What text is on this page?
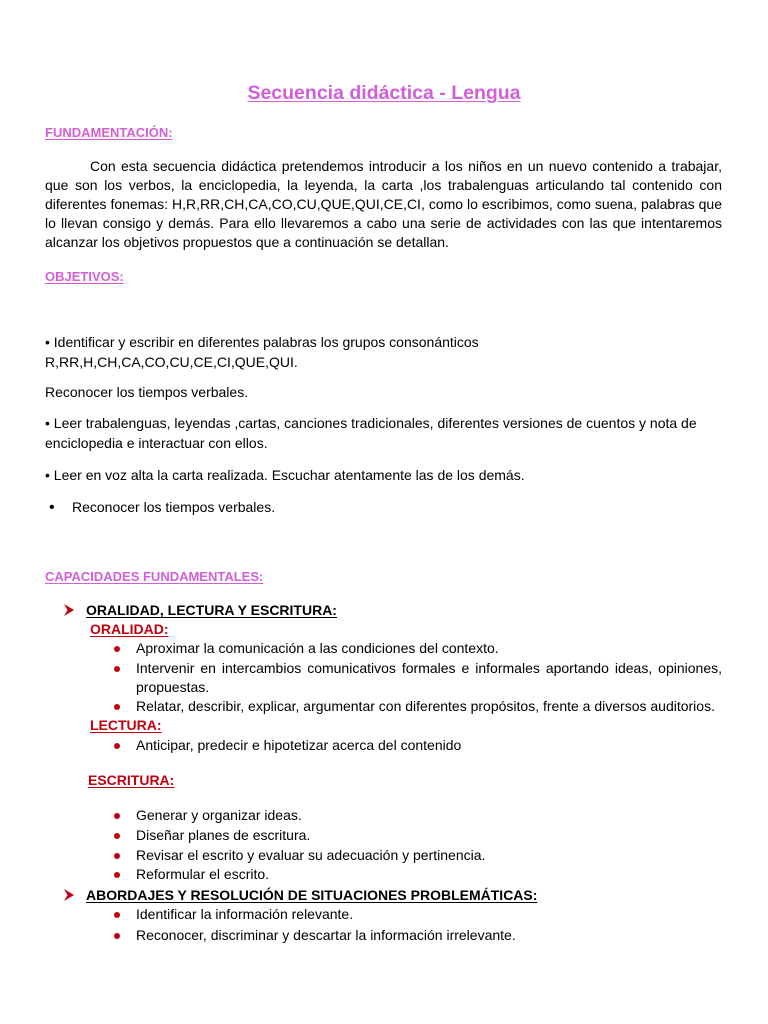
Secuencia didáctica - Lengua
FUNDAMENTACIÓN:

Con esta secuencia didáctica pretendemos introducir a los niños en un nuevo contenido a trabajar, que son los verbos, la enciclopedia, la leyenda, la carta ,los trabalenguas articulando tal contenido con diferentes fonemas: H,R,RR,CH,CA,CO,CU,QUE,QUI,CE,CI, como lo escribimos, como suena, palabras que lo llevan consigo y demás. Para ello llevaremos a cabo una serie de actividades con las que intentaremos alcanzar los objetivos propuestos que a continuación se detallan.

OBJETIVOS:

• Identificar y escribir en diferentes palabras los grupos consonánticos R,RR,H,CH,CA,CO,CU,CE,CI,QUE,QUI.

Reconocer los tiempos verbales.

• Leer trabalenguas, leyendas ,cartas, canciones tradicionales, diferentes versiones de cuentos y nota de enciclopedia e interactuar con ellos.

• Leer en voz alta la carta realizada. Escuchar atentamente las de los demás.

• Reconocer los tiempos verbales.

CAPACIDADES FUNDAMENTALES:
ORALIDAD, LECTURA Y ESCRITURA:
ORALIDAD:

Aproximar la comunicación a las condiciones del contexto.

Intervenir en intercambios comunicativos formales e informales aportando ideas, opiniones, propuestas.

Relatar, describir, explicar, argumentar con diferentes propósitos, frente a diversos auditorios.

LECTURA:

Anticipar, predecir e hipotetizar acerca del contenido

ESCRITURA:

Generar y organizar ideas.

Diseñar planes de escritura.

Revisar el escrito y evaluar su adecuación y pertinencia.

Reformular el escrito.

ABORDAJES Y RESOLUCIÓN DE SITUACIONES PROBLEMÁTICAS:

Identificar la información relevante.

Reconocer, discriminar y descartar la información irrelevante.
